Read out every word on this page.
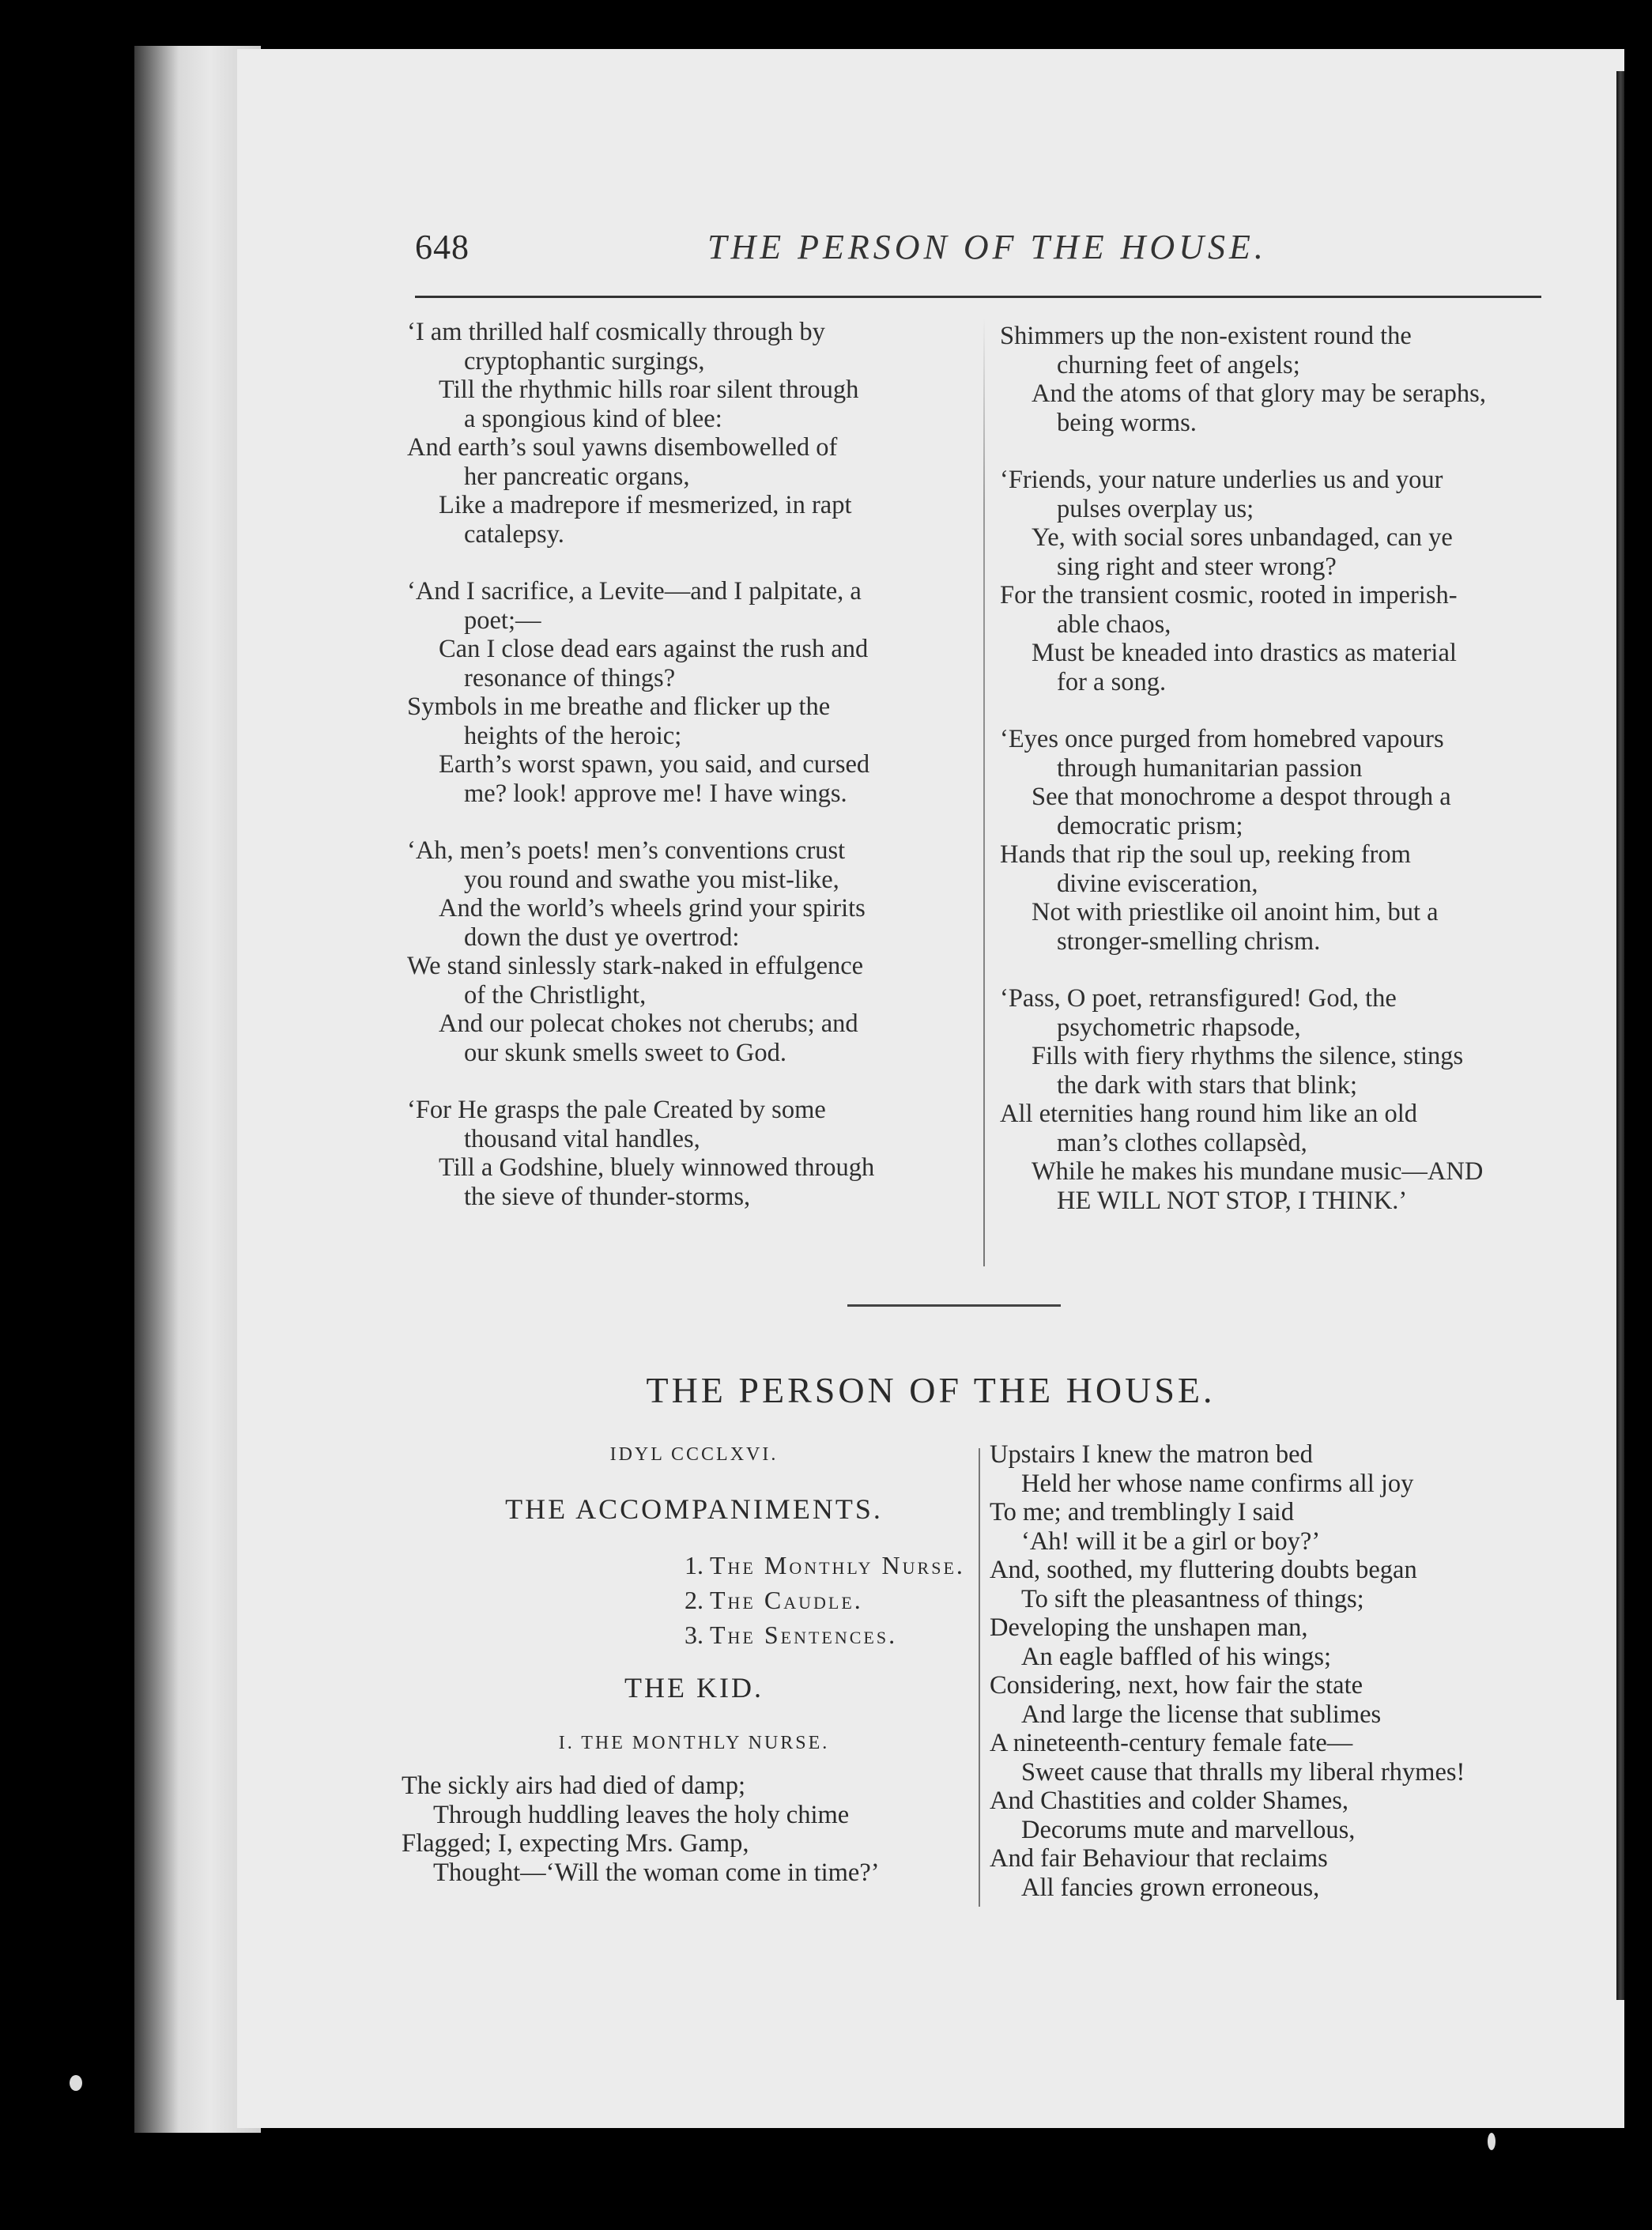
648	THE PERSON OF THE HOUSE.
‘I am thrilled half cosmically through by
cryptophantic surgings,
Till the rhythmic hills roar silent through
a spongious kind of blee:
And earth’s soul yawns disembowelled of
her pancreatic organs,
Like a madrepore if mesmerized, in rapt
catalepsy.
‘And I sacrifice, a Levite—and I palpitate, a
poet;—
Can I close dead ears against the rush and
resonance of things?
Symbols in me breathe and flicker up the
heights of the heroic;
Earth’s worst spawn, you said, and cursed
me? look! approve me! I have wings.
‘Ah, men’s poets! men’s conventions crust
you round and swathe you mist-like,
And the world’s wheels grind your spirits
down the dust ye overtrod:
We stand sinlessly stark-naked in effulgence
of the Christlight,
And our polecat chokes not cherubs; and
our skunk smells sweet to God.
‘For He grasps the pale Created by some
thousand vital handles,
Till a Godshine, bluely winnowed through
the sieve of thunder-storms,
Shimmers up the non-existent round the
churning feet of angels;
And the atoms of that glory may be seraphs,
being worms.
‘Friends, your nature underlies us and your
pulses overplay us;
Ye, with social sores unbandaged, can ye
sing right and steer wrong?
For the transient cosmic, rooted in imperish-
able chaos,
Must be kneaded into drastics as material
for a song.
‘Eyes once purged from homebred vapours
through humanitarian passion
See that monochrome a despot through a
democratic prism;
Hands that rip the soul up, reeking from
divine evisceration,
Not with priestlike oil anoint him, but a
stronger-smelling chrism.
‘Pass, O poet, retransfigured! God, the
psychometric rhapsode,
Fills with fiery rhythms the silence, stings
the dark with stars that blink;
All eternities hang round him like an old
man’s clothes collapsèd,
While he makes his mundane music—AND
HE WILL NOT STOP, I THINK.’
THE PERSON OF THE HOUSE.
IDYL CCCLXVI.
THE ACCOMPANIMENTS.
1. The Monthly Nurse.
2. The Caudle.
3. The Sentences.
THE KID.
I. THE MONTHLY NURSE.
The sickly airs had died of damp;
Through huddling leaves the holy chime
Flagged; I, expecting Mrs. Gamp,
Thought—‘Will the woman come in time?’
Upstairs I knew the matron bed
Held her whose name confirms all joy
To me; and tremblingly I said
‘Ah! will it be a girl or boy?’
And, soothed, my fluttering doubts began
To sift the pleasantness of things;
Developing the unshapen man,
An eagle baffled of his wings;
Considering, next, how fair the state
And large the license that sublimes
A nineteenth-century female fate—
Sweet cause that thralls my liberal rhymes!
And Chastities and colder Shames,
Decorums mute and marvellous,
And fair Behaviour that reclaims
All fancies grown erroneous,
